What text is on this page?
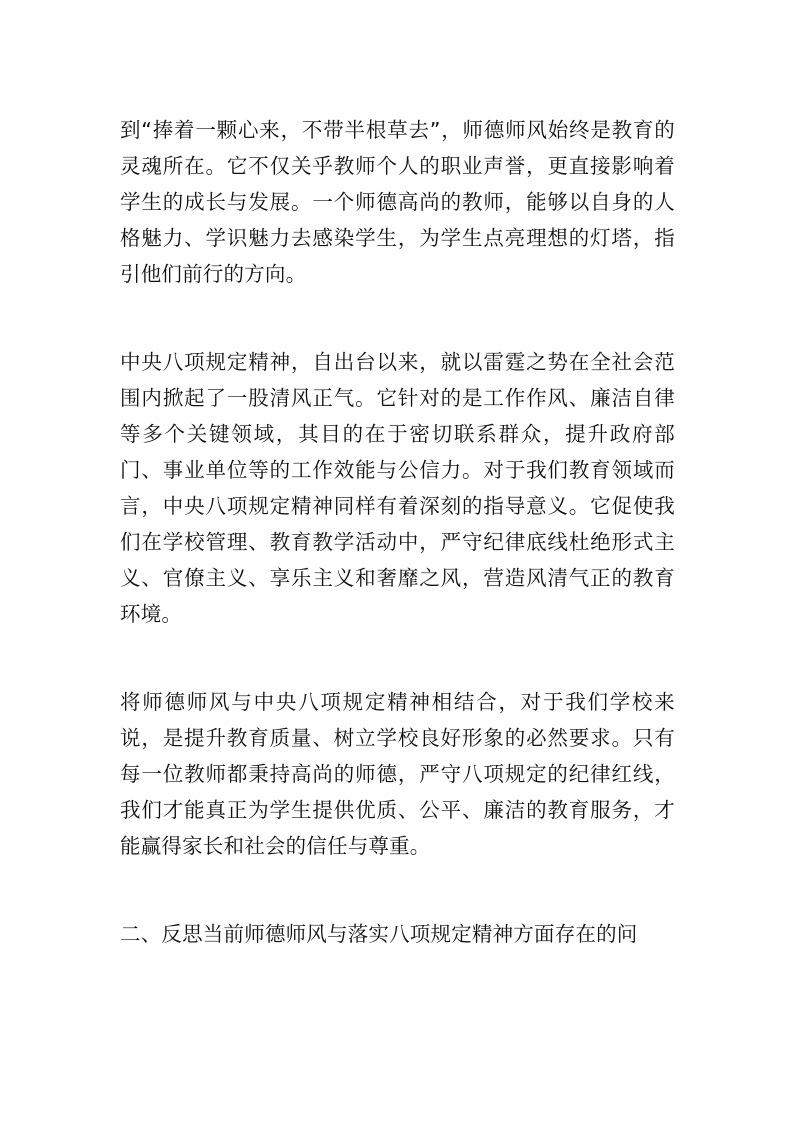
到“捧着一颗心来，不带半根草去”，师德师风始终是教育的灵魂所在。它不仅关乎教师个人的职业声誉，更直接影响着学生的成长与发展。一个师德高尚的教师，能够以自身的人格魅力、学识魅力去感染学生，为学生点亮理想的灯塔，指引他们前行的方向。

中央八项规定精神，自出台以来，就以雷霆之势在全社会范围内掀起了一股清风正气。它针对的是工作作风、廉洁自律等多个关键领域，其目的在于密切联系群众，提升政府部门、事业单位等的工作效能与公信力。对于我们教育领域而言，中央八项规定精神同样有着深刻的指导意义。它促使我们在学校管理、教育教学活动中，严守纪律底线杜绝形式主义、官僚主义、享乐主义和奢靡之风，营造风清气正的教育环境。

将师德师风与中央八项规定精神相结合，对于我们学校来说，是提升教育质量、树立学校良好形象的必然要求。只有每一位教师都秉持高尚的师德，严守八项规定的纪律红线，我们才能真正为学生提供优质、公平、廉洁的教育服务，才能赢得家长和社会的信任与尊重。

二、反思当前师德师风与落实八项规定精神方面存在的问
